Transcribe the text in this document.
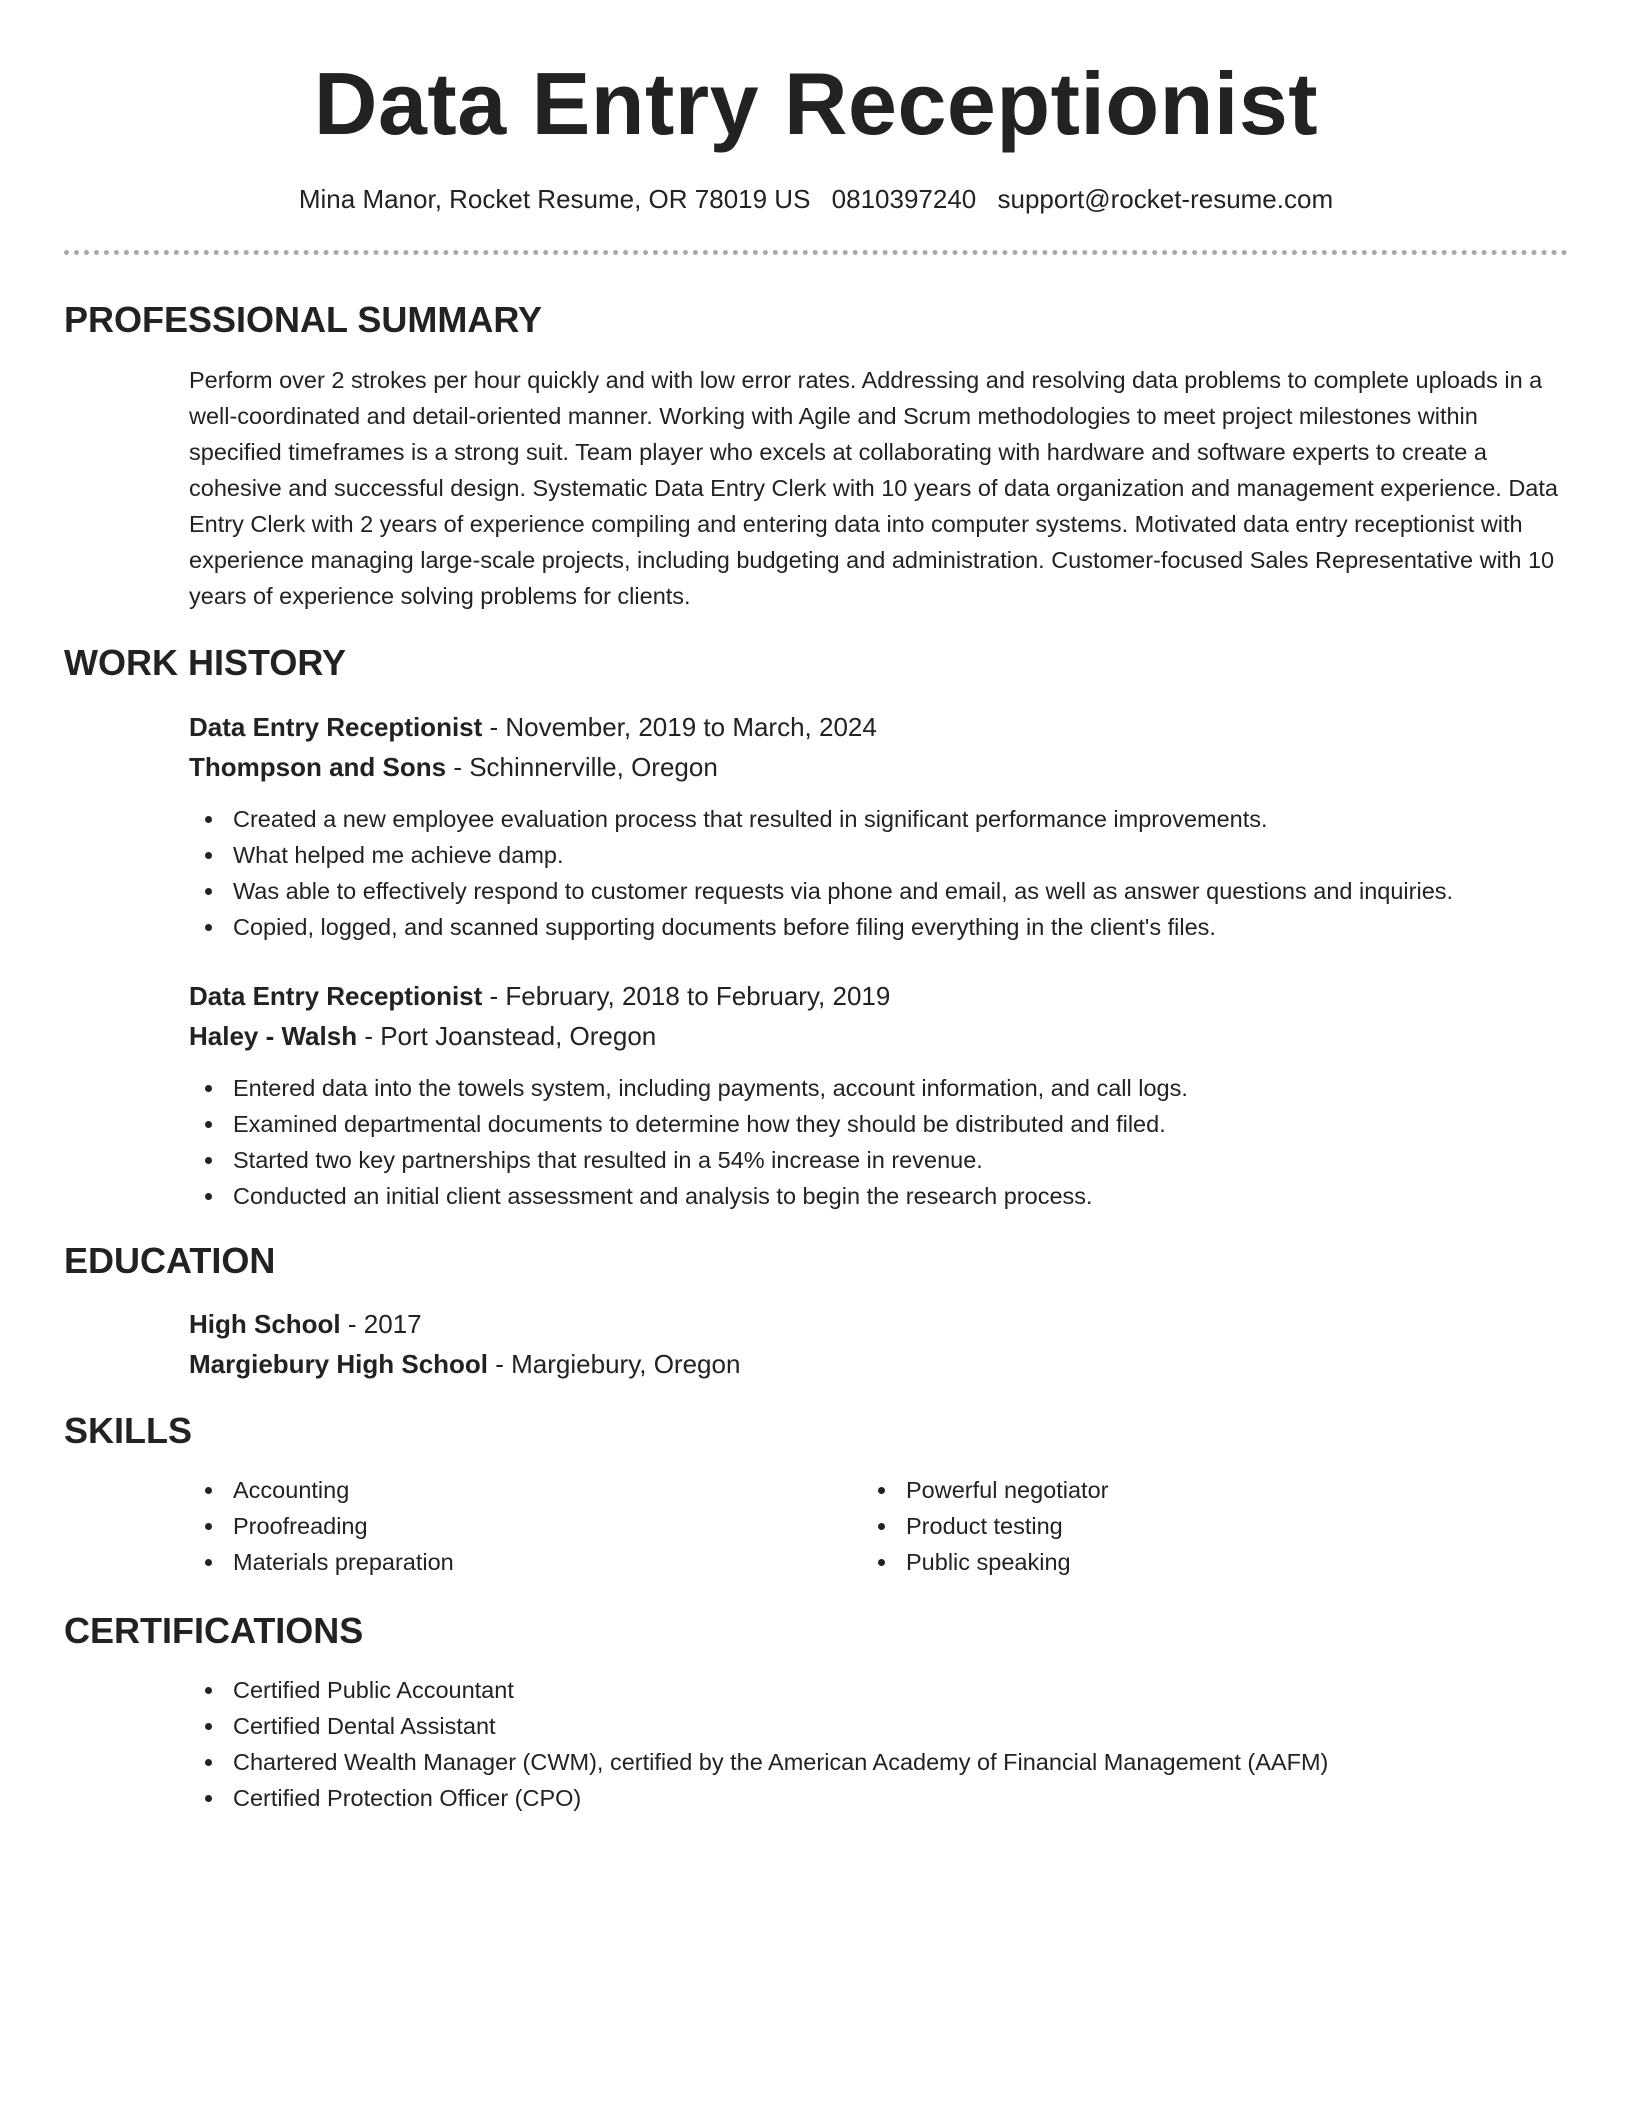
Data Entry Receptionist
Mina Manor, Rocket Resume, OR 78019 US 0810397240 support@rocket-resume.com
PROFESSIONAL SUMMARY

Perform over 2 strokes per hour quickly and with low error rates. Addressing and resolving data problems to complete uploads in a well-coordinated and detail-oriented manner. Working with Agile and Scrum methodologies to meet project milestones within specified timeframes is a strong suit. Team player who excels at collaborating with hardware and software experts to create a cohesive and successful design. Systematic Data Entry Clerk with 10 years of data organization and management experience. Data Entry Clerk with 2 years of experience compiling and entering data into computer systems. Motivated data entry receptionist with experience managing large-scale projects, including budgeting and administration. Customer-focused Sales Representative with 10 years of experience solving problems for clients.

WORK HISTORY
Data Entry Receptionist - November, 2019 to March, 2024
Thompson and Sons - Schinnerville, Oregon
Created a new employee evaluation process that resulted in significant performance improvements.
What helped me achieve damp.
Was able to effectively respond to customer requests via phone and email, as well as answer questions and inquiries.
Copied, logged, and scanned supporting documents before filing everything in the client's files.
Data Entry Receptionist - February, 2018 to February, 2019
Haley - Walsh - Port Joanstead, Oregon
Entered data into the towels system, including payments, account information, and call logs.
Examined departmental documents to determine how they should be distributed and filed.
Started two key partnerships that resulted in a 54% increase in revenue.
Conducted an initial client assessment and analysis to begin the research process.
EDUCATION
High School - 2017
Margiebury High School - Margiebury, Oregon
SKILLS
Accounting
Proofreading
Materials preparation
Powerful negotiator
Product testing
Public speaking
CERTIFICATIONS
Certified Public Accountant
Certified Dental Assistant
Chartered Wealth Manager (CWM), certified by the American Academy of Financial Management (AAFM)
Certified Protection Officer (CPO)
